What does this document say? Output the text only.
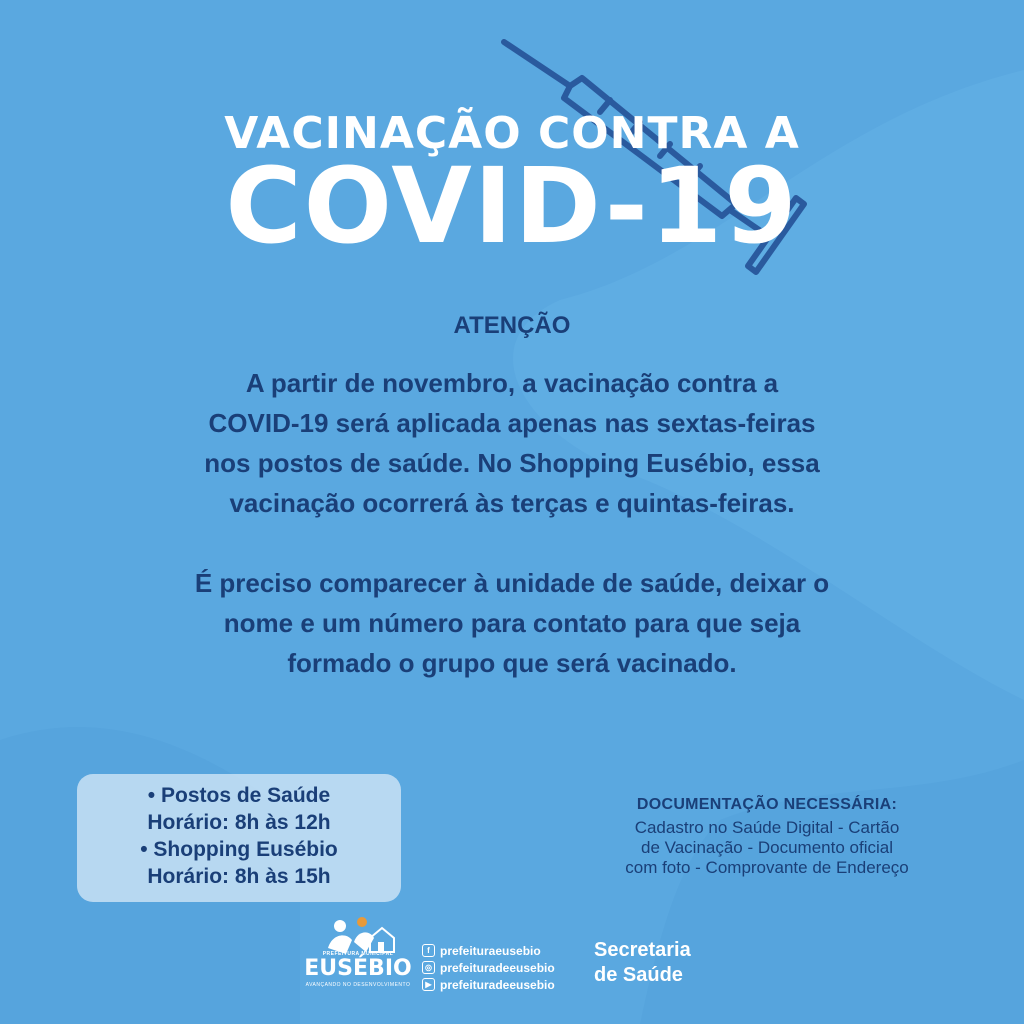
VACINAÇÃO CONTRA A
COVID-19
ATENÇÃO
A partir de novembro, a vacinação contra a
COVID-19 será aplicada apenas nas sextas-feiras
nos postos de saúde. No Shopping Eusébio, essa
vacinação ocorrerá às terças e quintas-feiras.
É preciso comparecer à unidade de saúde, deixar o
nome e um número para contato para que seja
formado o grupo que será vacinado.
• Postos de Saúde
Horário: 8h às 12h
• Shopping Eusébio
Horário: 8h às 15h
DOCUMENTAÇÃO NECESSÁRIA:
Cadastro no Saúde Digital - Cartão
de Vacinação - Documento oficial
com foto - Comprovante de Endereço
PREFEITURA MUNICIPAL
EUSÉBIO
AVANÇANDO NO DESENVOLVIMENTO
f prefeituraeusebio
◎ prefeituradeeusebio
▶ prefeituradeeusebio
Secretaria
de Saúde
